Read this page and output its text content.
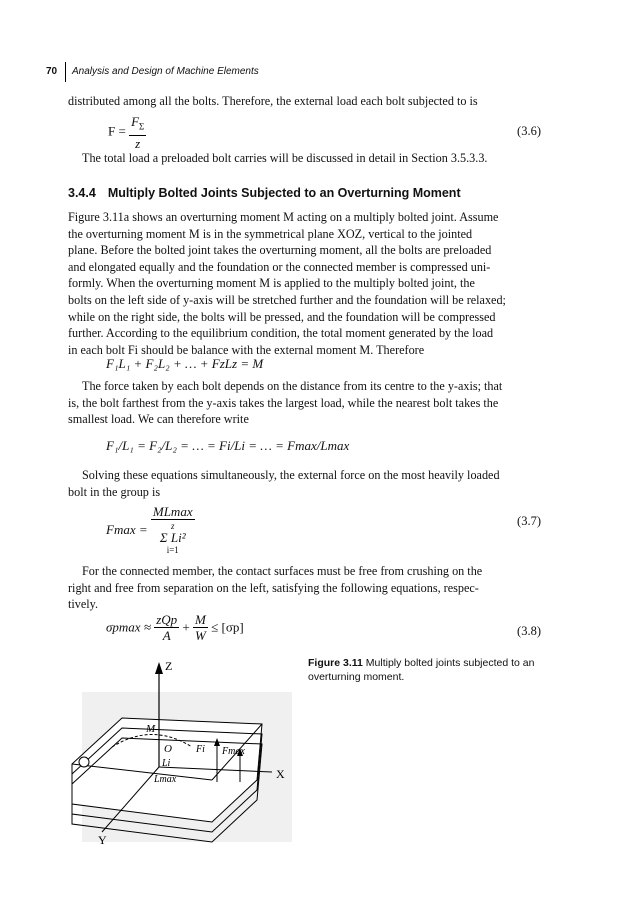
70 Analysis and Design of Machine Elements
distributed among all the bolts. Therefore, the external load each bolt subjected to is
$F = \frac{F_\Sigma}{z}$	(3.6)
The total load a preloaded bolt carries will be discussed in detail in Section 3.5.3.3.
3.4.4 Multiply Bolted Joints Subjected to an Overturning Moment
Figure 3.11a shows an overturning moment M acting on a multiply bolted joint. Assume
the overturning moment M is in the symmetrical plane XOZ, vertical to the jointed
plane. Before the bolted joint takes the overturning moment, all the bolts are preloaded
and elongated equally and the foundation or the connected member is compressed uni-
formly. When the overturning moment M is applied to the multiply bolted joint, the
bolts on the left side of y-axis will be stretched further and the foundation will be relaxed;
while on the right side, the bolts will be pressed, and the foundation will be compressed
further. According to the equilibrium condition, the total moment generated by the load
in each bolt Fi should be balance with the external moment M. Therefore
F₁L₁ + F₂L₂ + … + FzLz = M
The force taken by each bolt depends on the distance from its centre to the y-axis; that
is, the bolt farthest from the y-axis takes the largest load, while the nearest bolt takes the
smallest load. We can therefore write
F₁/L₁ = F₂/L₂ = … = Fi/Li = … = Fmax/Lmax
Solving these equations simultaneously, the external force on the most heavily loaded
bolt in the group is
Fmax = MLmax
z
Σ Li²
i=1	(3.7)
For the connected member, the contact surfaces must be free from crushing on the
right and free from separation on the left, satisfying the following equations, respec-
tively.
$\sigma pmax \approx \frac{\text{zQp}}{A} + \frac{M}{W} \le [\sigma p]$	(3.8)
Z
X
Y
M
O Fi Fmax
Li
Lmax
Figure 3.11 Multiply bolted joints subjected to an overturning moment.
